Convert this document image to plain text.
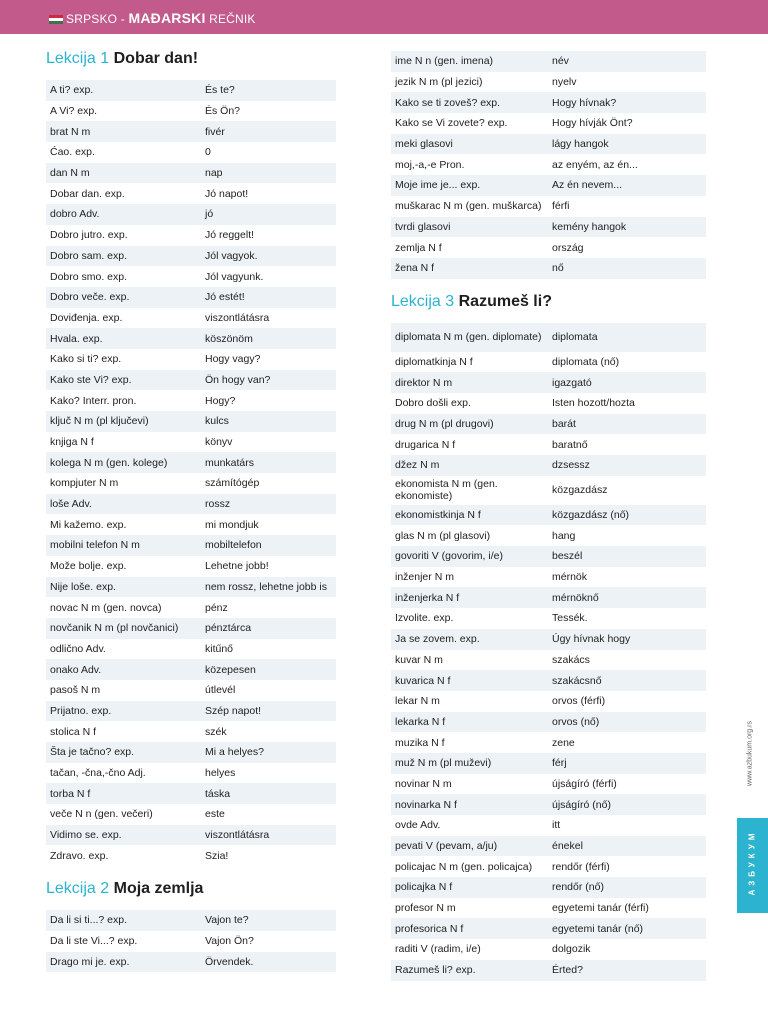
SRPSKO - MAĐARSKI REČNIK
Lekcija 1 Dobar dan!
A ti? exp.	És te?
A Vi? exp.	És Ön?
brat N m	fivér
Ćao. exp.	0
dan N m	nap
Dobar dan. exp.	Jó napot!
dobro Adv.	jó
Dobro jutro. exp.	Jó reggelt!
Dobro sam. exp.	Jól vagyok.
Dobro smo. exp.	Jól vagyunk.
Dobro veče. exp.	Jó estét!
Doviđenja. exp.	viszontlátásra
Hvala. exp.	köszönöm
Kako si ti? exp.	Hogy vagy?
Kako ste Vi? exp.	Ön hogy van?
Kako? Interr. pron.	Hogy?
ključ N m (pl ključevi)	kulcs
knjiga N f	könyv
kolega N m (gen. kolege)	munkatárs
kompjuter N m	számítógép
loše Adv.	rossz
Mi kažemo. exp.	mi mondjuk
mobilni telefon N m	mobiltelefon
Može bolje. exp.	Lehetne jobb!
Nije loše. exp.	nem rossz, lehetne jobb is
novac N m (gen. novca)	pénz
novčanik N m (pl novčanici)	pénztárca
odlično Adv.	kitűnő
onako Adv.	közepesen
pasoš N m	útlevél
Prijatno. exp.	Szép napot!
stolica N f	szék
Šta je tačno? exp.	Mi a helyes?
tačan, -čna,-čno Adj.	helyes
torba N f	táska
veče N n (gen. večeri)	este
Vidimo se. exp.	viszontlátásra
Zdravo. exp.	Szia!
Lekcija 2 Moja zemlja
Da li si ti...? exp.	Vajon te?
Da li ste Vi...? exp.	Vajon Ön?
Drago mi je. exp.	Örvendek.
ime N n (gen. imena)	név
jezik N m (pl jezici)	nyelv
Kako se ti zoveš? exp.	Hogy hívnak?
Kako se Vi zovete? exp.	Hogy hívják Önt?
meki glasovi	lágy hangok
moj,-a,-e Pron.	az enyém, az én...
Moje ime je... exp.	Az én nevem...
muškarac N m (gen. muškarca)	férfi
tvrdi glasovi	kemény hangok
zemlja N f	ország
žena N f	nő
Lekcija 3 Razumeš li?
diplomata N m (gen. diplomate)	diplomata
diplomatkinja N f	diplomata (nő)
direktor N m	igazgató
Dobro došli exp.	Isten hozott/hozta
drug N m (pl drugovi)	barát
drugarica N f	baratnő
džez N m	dzsessz
ekonomista N m (gen. ekonomiste)	közgazdász
ekonomistkinja N f	közgazdász (nő)
glas N m (pl glasovi)	hang
govoriti V (govorim, i/e)	beszél
inženjer N m	mérnök
inženjerka N f	mérnöknő
Izvolite. exp.	Tessék.
Ja se zovem. exp.	Úgy hívnak hogy
kuvar N m	szakács
kuvarica N f	szakácsnő
lekar N m	orvos (férfi)
lekarka N f	orvos (nő)
muzika N f	zene
muž N m (pl muževi)	férj
novinar N m	újságíró (férfi)
novinarka N f	újságíró (nő)
ovde Adv.	itt
pevati V (pevam, a/ju)	énekel
policajac N m (gen. policajca)	rendőr (férfi)
policajka N f	rendőr (nő)
profesor N m	egyetemi tanár (férfi)
profesorica N f	egyetemi tanár (nő)
raditi V (radim, i/e)	dolgozik
Razumeš li? exp.	Érted?
www.azbukum.org.rs
АЗБУКУМ
